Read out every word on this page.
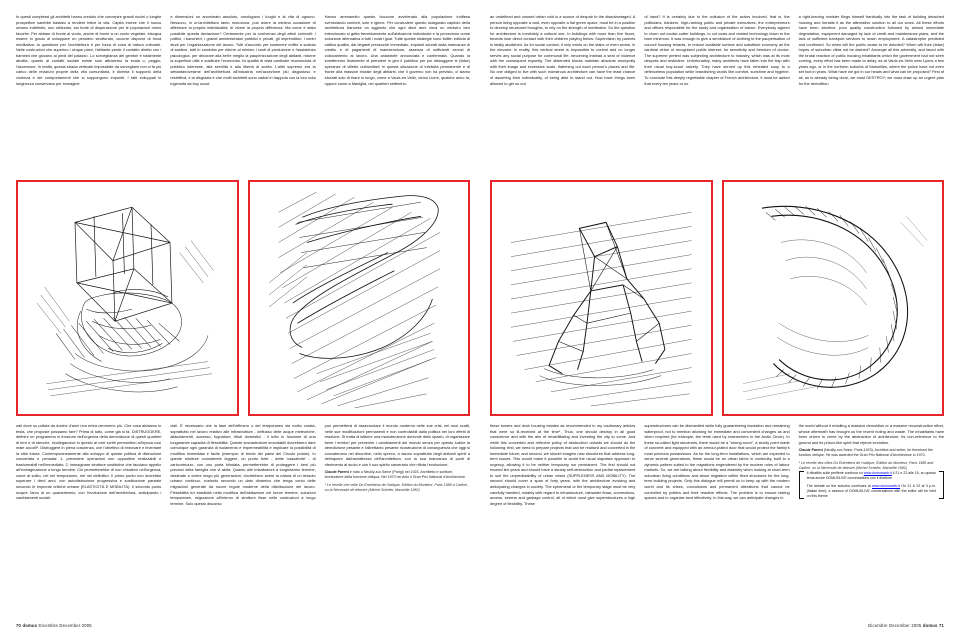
In questi complessi gli architetti hanno creduto che concepire grandi nuclei o lunghe prospettive sarebbe bastato a rendere felice la vita. Capita invece che il nuovo urbano indefinito, non utilizzato, sia fonte di disperazione per le popolazioni meno favorite. Per abitare di fronte al vuoto, anche di fronte a un vuoto vegetale, bisogna essere in grado di sviluppare un pensiero strutturato, occorre disporre di forza meditativa: la questione per l'architettura è per forza di cosa di natura culturale. Nelle costruzioni che superino i cinque piani, l'abitante perde il contatto diretto con i bambini che giocano ai piedi del palazzo. Lo sorveglianza dei genitori è totalmente abolita; quanto ai contatti sociale esiste solo attraverso la scala o, peggio, l'ascensore. In realtà, questa strada verticale impossibile da sorvegliare non si fa più carico delle relazioni proprie della vita comunitaria, è diventa il supporto della violenza e dei comportamenti che si suppongono impuniti. I fatti sviluppati in lunghezza conservano per immagine

e dimensioni un anonimato assoluto, omologano i luoghi e la vita di ognuno. Nessuno, in un'architettura tanto monotona, può avere la minima occasione di affermare la propria individualità, di vivere la propria differenza. Ma come è stata possibile questa deviazione? Certamente per la corrivenza degli attori coinvolti: i politici, i banchieri, i grandi amministratori pubblici e privati, gli imprenditori, i centri studi per l'organizzazione del lavoro. Tutti d'accordo per sostenere edifici a scatola di sardine, tutti in condotta per ridurre al minimo i costi di produzione e l'assistenza psicologica, per decorare alla bell'e meglio la paupérizzazione degli abitanti, ridurne la superficie utile e sostituire l'economia. Ivi qualità di vista cardinale riconosciuta di pubblico interesse, alla servilità e alla libertà di scelta. L'alibi supremo era la settantanovesime dell'architettura all'industria nell'accezione più disgustoso e restrittiva, e la disgrazia è che molti architetti sono caduti in trappola con la loro nota ingenuità da boy scout.

Hanno ammannito questo boccone avvelenato alla popolazione indifesa sventolando conforti, sole e igiene. Per concludere questo sciagurato capitolo della architettura francese va aggiunto che ogni dieci anni circa un ministro ben intenzionato si getta freneticamente sull'abitazione individuale e la percezione come soluzione alternativa a tutti i nostri guai. Tutte queste strategie sono fallite: edilizia di cattiva qualità, dai degasti pressoché immediato, impianti sdurati dalla mancanza di credito e di pagamenti di manutenzione, assenza di sufficienti servizi di collocamento al lavoro. Una catastrofe annunciata e confermata. Quando la smetteremo finalmente di prendere in giro il pubblico per poi distruggere le (false) speranze di villette unifamiliari! In questa situazione di infelicità permanente e di fronte alla massive brutale degli abitanti, che il governo non ha previsto, ci siamo sforzati solo di tirare in lungo, come a Vaulx-en-Velin, vicino Lione, qualche anno fa, oppure come a Maniglia, nei quartieri settentrio-

nali dove su polizia da docine d'anni non entra nemmeno più. Che cosa abbiamo in testa, che proposte possiamo fare? Prima di tutto, come già si fa, DISTRUGGERE, definire un programma in funzione dell'urgenza della demolizione di questi quartieri di terri e di stecche, ricollegandoci in questo ai miei scritti premonitori all'epoca così male accolti*. Distruggere in piena coscienza, ove l'obiettivo di rinnovare e inventare la città futura. Contemporaneamente alla sviluppo di queste politica di distruzione concertata e pensata: 1. prevedere operazioni non oppositive realizzabili e trasformabili nell'immediato; 2. immaginare strutture sostitutive che facciano appello all'immaginazione a lungo termine. Ciò permetterebbe di non chiuderci nell'urgenza, come al solito, nel nel temporaneo, nel nel definitivo. Il primo punto non dovrebbe superare i dieci anni, con autodistruzione progressiva e sostituzione parziale secondo le impronte critiche urbane (ELASTICITÀ E MOBILITÀ). Il secondo punto scopre l'arco di un quarantennio, con l'evoluzione dell'architettura, anticipando i cambiamenti sociali.

ciali. È necessario che la fase dell'effimero o del temporaneo sia molto curata, soprattutto nel lavoro relativo alle infrastrutture - deflusso delle acque meteoriche, allacciamenti, accesso, fognature, rifiuti domestici - il tutto in funzione di una lungaranée capacità di flessibilità. Queste sovrastrutture smontabili dovrebbero dare comunque ogni garanzia di isolamento e impermeabilità e implicare la possibilità di modifica immediata e facile (esempio: le tende dei paesi del Circolo polare). In queste strutture considerete leggere, un punto forte - dette 'cassaforte' - di caricontruzzo, con uno porta blindata, permetterebbe di proteggere i beni più preziosi della famiglia che vi abita. Quanto alle installazioni a lunghissimo termine, destinate a vivere lungo più generazioni, dovrebbero avere la natura di un tessuto urbano continuo, costruito secondo un dato dinamico che tenga conto delle migrazioni generate da nuove regole moderne della distribuzione del lavoro. Flessibilità ed elasticità nella modifica dell'abitazione nel breve termine, soluzioni temporanee, migrazione all'interno di strutture fisse nelle costruzioni a lungo termine. Solo questo discorso

può permettersi di assecondare il mondo moderno nelle sue crisi, nel suoi scatti, nelle sue modificazioni permanenti e non controllabili dalla politica nei loro effetti di reazione. Si tratta di istituire una manutenzione durevole dello spazio, di organizzare bene i territori per prevenire i cambiamenti del mondo senza per questo subire la demolizione pesante e l'altrettanto pesante ricostruzione di conseguenza che oggi si concatenano nel disordine, nello spreco, a danno soprattutto degli abitanti spinti a delinquere dall'astrattezza dell'architettura, con la sua mancanza di punti di riferimento al suolo e con il suo spirito carcerario che rifiuta l'evoluzione.

Claude Parent è nato a Neuilly-sur-Seine (Parigi) nel 1923. Architetto e scrittore, teorizzatore della funzione obliqua. Nel 1970 ha vinto il Gran Prix National d'Architecture.
* Le rèvelle che velle Dn Entretiens de l'oblique, Edition du Moniteur, Paris 1988 a Cadine, ou la Nécessité de détruire (Michel Schefer, Marseille 1982)
70 domus Dicembre December 2005

an undefined and unused urban void is a source of despair to the disadvantaged. A person living opposite a void, even opposite a flat green space, must be in a position to develop structured thoughts, to rely on the strength of meditation. So the question for architecture is inevitably a cultural one. In buildings with more than five floors, tenants lose direct contact with their children playing below. Supervision by parents is totally abolished. As for social contact, it only exists on the stairs or even worse, in the elevator. In reality, this vertical street is impossible to control and no longer serves any social purpose for communal life, becoming instead a seat of violence with the consequent impunity. The distended blocks maintain absolute anonymity with their image and excessive scale, flattening out each person's places and life. No one obliged to live with such monstrous architecture can have the least chance of asserting their individuality, of being able to stand out. How have things been allowed to get so out

of hand? It is certainly due to the collusion of the actors involved, that is, the politicians, bankers, high-ranking public and private executives, the entrepreneurs and offices responsible for the study and organisation of labour. Everybody agreed to churn out cookie-cutter buildings, to cut costs and related technology down to the bare minimum. It was enough to give a semblance of clothing to the pauperisation of council housing tenants, to reduce available surface and substitute economy as the cardinal virtue of recognised public interest, for sensitivity and freedom of choice. The supreme pretext was subjecting architecture to industry, which was at its most despotic and restrictive. Unfortunately, many architects have fallen into the trap with their usual boy-scout naivety. They have served up this reheated soup to a defenceless population while brandishing words like comfort, sunshine and hygiene. To conclude this deeply regrettable chapter of French architecture, it must be added that every ten years or so

a right-leaning minister flings himself frantically into the task of building detached housing and heralds it as the alternative solution to all our woes. All these efforts have been abortive: poor quality construction followed by almost immediate degradation, equipment damaged by lack of credit and maintenance plans, and the lack of sufficient transport services to reach employment. A catastrophe predicted and confirmed. So when will the public cease to be deluded? When will their (false) hopes of suburban villas not be dashed? Amongst all this adversity, and faced with the brutal reaction of public housing inhabitants which the government had not seen coming, every effort has been made to delay, as at Vaulx-en-Velin near Lyons a few years ago, or in the northern suburbs of Marseilles, where the police have not even set foot in years. What have we got in our heads and what can be proposed? First of all, as is already being done, we must DESTROY; we must draw up an urgent plan for the demolition

these towers and drab housing estates as recommended in my cautionary articles that were so ill-received at the time*. Thus, one should destroy in all good conscience and with the aim of rehabilitating and inventing the city to come. And while this concerted and reflexive policy of destruction unfolds we should do the following: first, we need to prepare projects that can be realised and converted in the immediate future; and second, we should imagine new structures that address long-term issues. This would make it possible to avoid the usual slapdash approach to urgency, allowing it to be neither temporary nor permanent. The first should not exceed ten years and should have a steady self-destruction and partial replacement to suit the unpredictability of urban crises (SUPPLENESS AND MOBILITY). The second should cover a span of forty years, with the architecture evolving and anticipating changes in society. The ephemeral or the temporary stage must be very carefully handled, notably with regard to infrastructure, rainwater flows, connections, access, sewers and garbage control, all of which must give superstructures a high degree of flexibility. These

superstructures can be dismantled while fully guaranteeing insulation and remaining waterproof, not to mention allowing for immediate and convenient changes as and when required (for example, the tents used by researchers in the Arctic Circle). In these so-called light structures, there would be a "strong-room", a sturdy point made of concrete and equipped with an armour-plated door that would protect the family's most precious possessions. As for the long-term installations, which are expected to serve several generations, these would be an urban fabric in continuity, built to a dynamic pattern suited to the migrations engendered by the modern rules of labour markets. So, we are talking about flexibility and elasticity when looking at short-term suburban living conditions and about migration within fixed structures for the long-term building projects. Only this dialogue will permit us to keep up with the modern world and its crises, convulsions and permanent alterations that cannot be controlled by politics and their reactive effects. The problem is to ensure lasting spaces and to organise land effectively. In this way, we can anticipate changes in

the world without it entailing a massive demolition or a massive reconstruction effort, whose aftermath has brought us the recent rioting and waste. The inhabitants have been driven to crime by the abstraction of architecture, its non-reference to the ground and its prison-like spirit that rejects evolution.

Claude Parent (Neuilly-sur-Seine, Paris,1923). Architect and writer, he theorised the function oblique. He was awarded the Gran Prix National d'Architecture in 1970.
* Le rèvelle des villes Dn Entretiens de l'oblique, Édition du Moniteur, Paris 1988 and Cadine, ou la Nécessité de détruire (Michel Schefer, Marseille 1982)
Il dibattito sulle periferie continua su www.domusweb.it il 21 e 22 alle 15, su questo tema anche DOMUSLIVE conversations con il direttore
The debate on the suburbs continues at www.domusweb.it On 21 & 22 at 3 p.m. (Italian time), a session of DOMUSLIVE conversations with the editor will be held on this theme
Dicembre December 2005 domus 71
